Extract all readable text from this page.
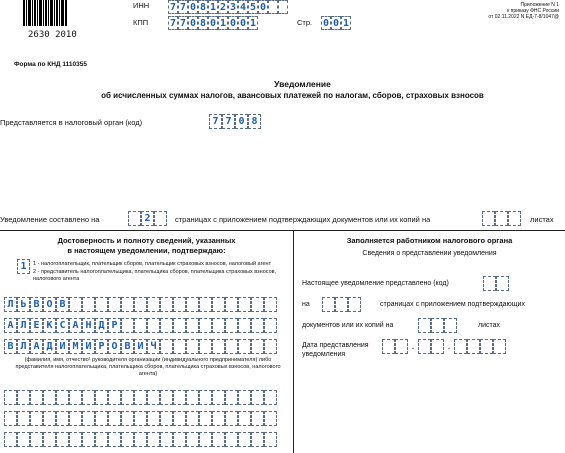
2630 2010
ИНН 7 7 0 8 1 2 3 4 5 0
КПП 7 7 0 8 0 1 0 0 1	Стр. 0 0 1
Приложение N 1
к приказу ФНС России
от 02.11.2022 N ЕД-7-8/1047@
Форма по КНД 1110355
Уведомление
об исчисленных суммах налогов, авансовых платежей по налогам, сборов, страховых взносов
Представляется в налоговый орган (код)	7 7 0 8
Уведомление составлено на	2	страницах с приложением подтверждающих документов или их копий на	листах
Достоверность и полноту сведений, указанных
в настоящем уведомлении, подтверждаю:
1	1 - налогоплательщик, плательщик сборов, плательщик страховых взносов, налоговый агент
2 - представитель налогоплательщика, плательщика сборов, плательщика страховых взносов, налогового агента
Л Ь В О В
А Л Е К С А Н Д Р
В Л А Д И М И Р О В И Ч
(фамилия, имя, отчество¹ руководителя организации (индивидуального предпринимателя) либо представителя налогоплательщика, плательщика сборов, плательщика страховых взносов, налогового агента)
Заполняется работником налогового органа
Сведения о представлении уведомления
Настоящее уведомление представлено (код)
на	страницах с приложением подтверждающих
документов или их копий на	листах
Дата представления
уведомления
.	.
